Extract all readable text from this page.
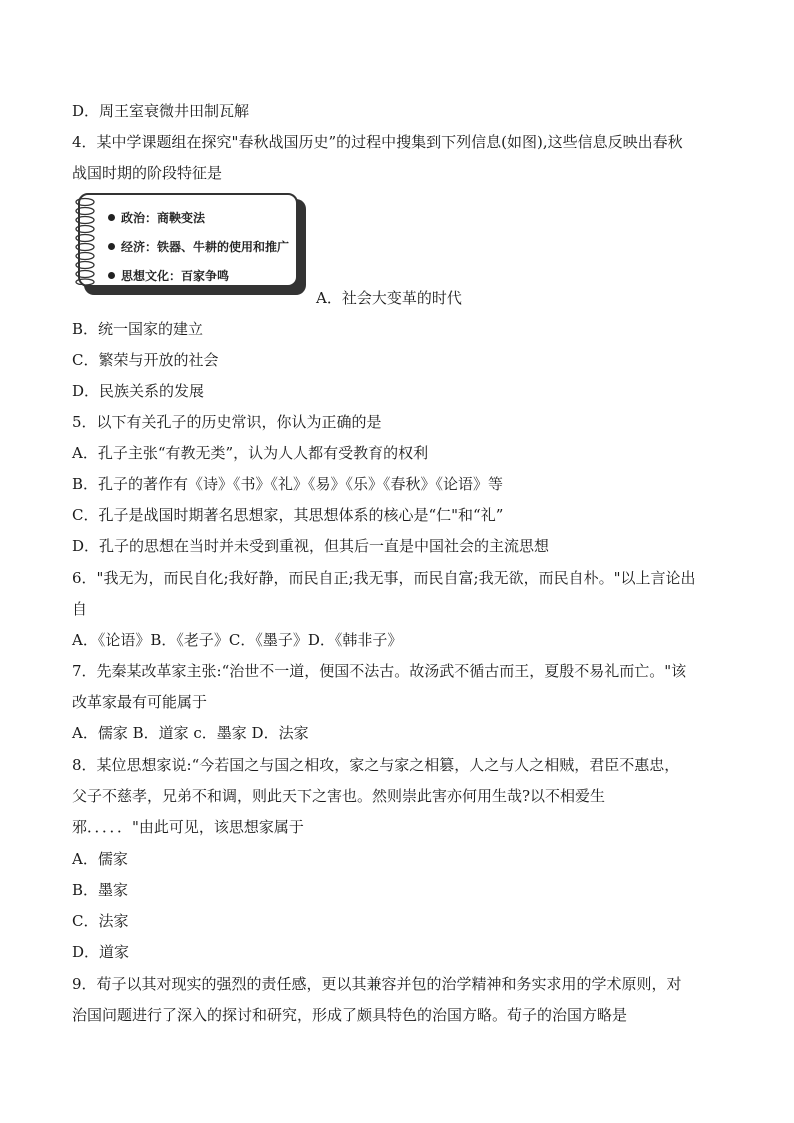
D．周王室衰微井田制瓦解
4．某中学课题组在探究"春秋战国历史”的过程中搜集到下列信息(如图),这些信息反映出春秋
战国时期的阶段特征是
政治：商鞅变法
经济：铁器、牛耕的使用和推广
思想文化：百家争鸣
A．社会大变革的时代
B．统一国家的建立
C．繁荣与开放的社会
D．民族关系的发展
5．以下有关孔子的历史常识，你认为正确的是
A．孔子主张“有教无类”，认为人人都有受教育的权利
B．孔子的著作有《诗》《书》《礼》《易》《乐》《春秋》《论语》等
C．孔子是战国时期著名思想家，其思想体系的核心是“仁"和“礼”
D．孔子的思想在当时并未受到重视，但其后一直是中国社会的主流思想
6．"我无为，而民自化;我好静，而民自正;我无事，而民自富;我无欲，而民自朴。"以上言论出
自
A．《论语》B．《老子》C．《墨子》D．《韩非子》
7．先秦某改革家主张:“治世不一道，便国不法古。故汤武不循古而王，夏殷不易礼而亡。"该
改革家最有可能属于
A．儒家 B．道家 c．墨家 D．法家
8．某位思想家说:“今若国之与国之相攻，家之与家之相篡，人之与人之相贼，君臣不惠忠，
父子不慈孝，兄弟不和调，则此天下之害也。然则崇此害亦何用生哉?以不相爱生
邪．．．．．"由此可见，该思想家属于
A．儒家
B．墨家
C．法家
D．道家
9．荀子以其对现实的强烈的责任感，更以其兼容并包的治学精神和务实求用的学术原则，对
治国问题进行了深入的探讨和研究，形成了颇具特色的治国方略。荀子的治国方略是
